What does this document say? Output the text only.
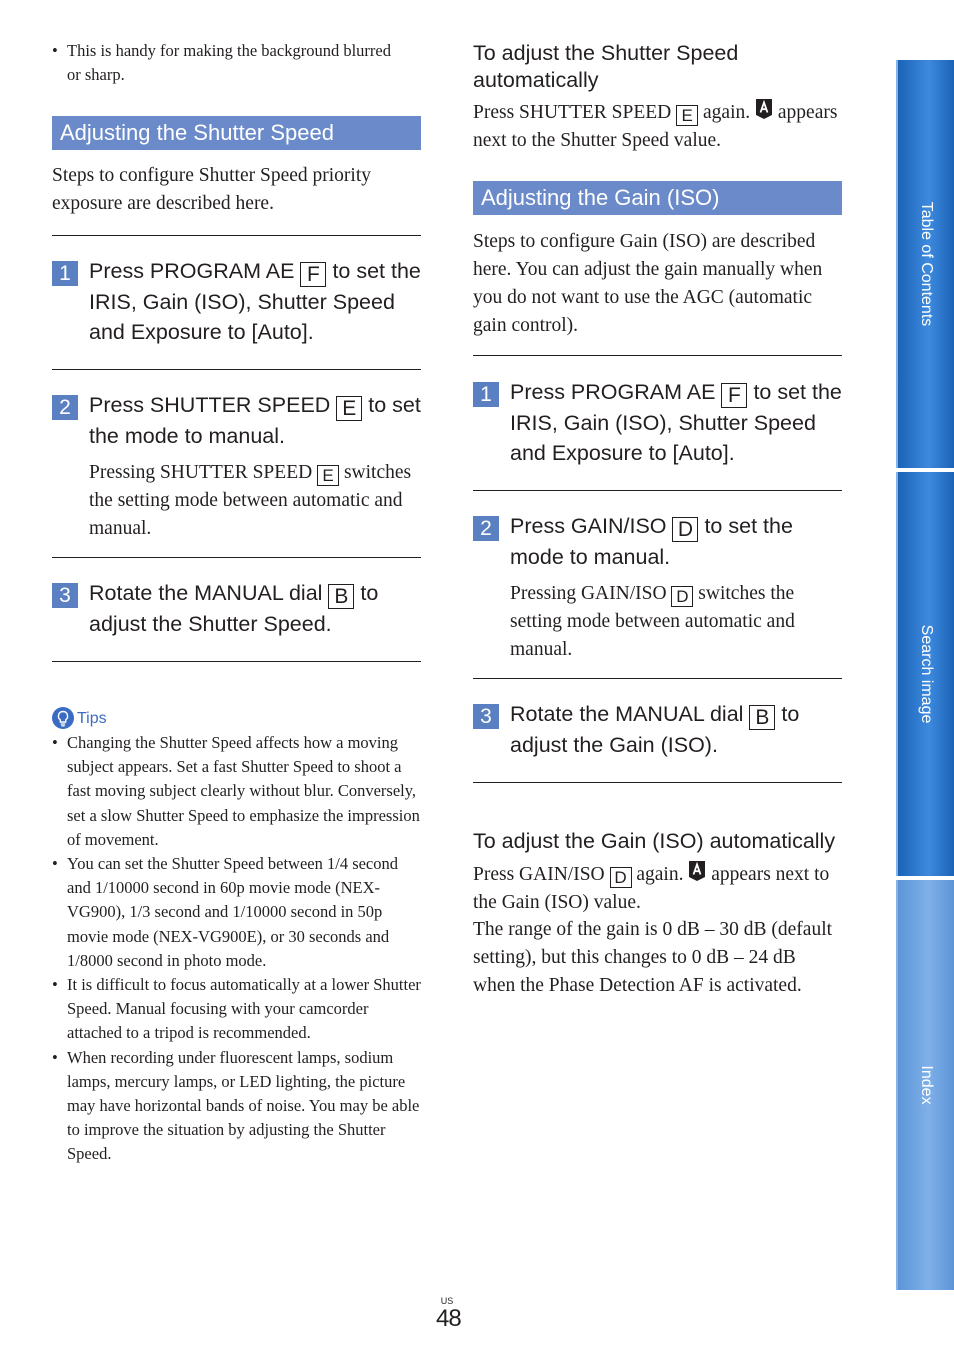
• This is handy for making the background blurred or sharp.
Adjusting the Shutter Speed

Steps to configure Shutter Speed priority exposure are described here.

1 Press PROGRAM AE F to set the IRIS, Gain (ISO), Shutter Speed and Exposure to [Auto].
2 Press SHUTTER SPEED E to set the mode to manual.
Pressing SHUTTER SPEED E switches the setting mode between automatic and manual.
3 Rotate the MANUAL dial B to adjust the Shutter Speed.
Tips
• Changing the Shutter Speed affects how a moving subject appears. Set a fast Shutter Speed to shoot a fast moving subject clearly without blur. Conversely, set a slow Shutter Speed to emphasize the impression of movement.
• You can set the Shutter Speed between 1/4 second and 1/10000 second in 60p movie mode (NEX-VG900), 1/3 second and 1/10000 second in 50p movie mode (NEX-VG900E), or 30 seconds and 1/8000 second in photo mode.
• It is difficult to focus automatically at a lower Shutter Speed. Manual focusing with your camcorder attached to a tripod is recommended.
• When recording under fluorescent lamps, sodium lamps, mercury lamps, or LED lighting, the picture may have horizontal bands of noise. You may be able to improve the situation by adjusting the Shutter Speed.
To adjust the Shutter Speed automatically

Press SHUTTER SPEED E again.  appears next to the Shutter Speed value.

Adjusting the Gain (ISO)

Steps to configure Gain (ISO) are described here. You can adjust the gain manually when you do not want to use the AGC (automatic gain control).

1 Press PROGRAM AE F to set the IRIS, Gain (ISO), Shutter Speed and Exposure to [Auto].
2 Press GAIN/ISO D to set the mode to manual.
Pressing GAIN/ISO D switches the setting mode between automatic and manual.
3 Rotate the MANUAL dial B to adjust the Gain (ISO).
To adjust the Gain (ISO) automatically

Press GAIN/ISO D again.  appears next to the Gain (ISO) value.

The range of the gain is 0 dB – 30 dB (default setting), but this changes to 0 dB – 24 dB when the Phase Detection AF is activated.

Table of Contents
Search image
Index
US
48
